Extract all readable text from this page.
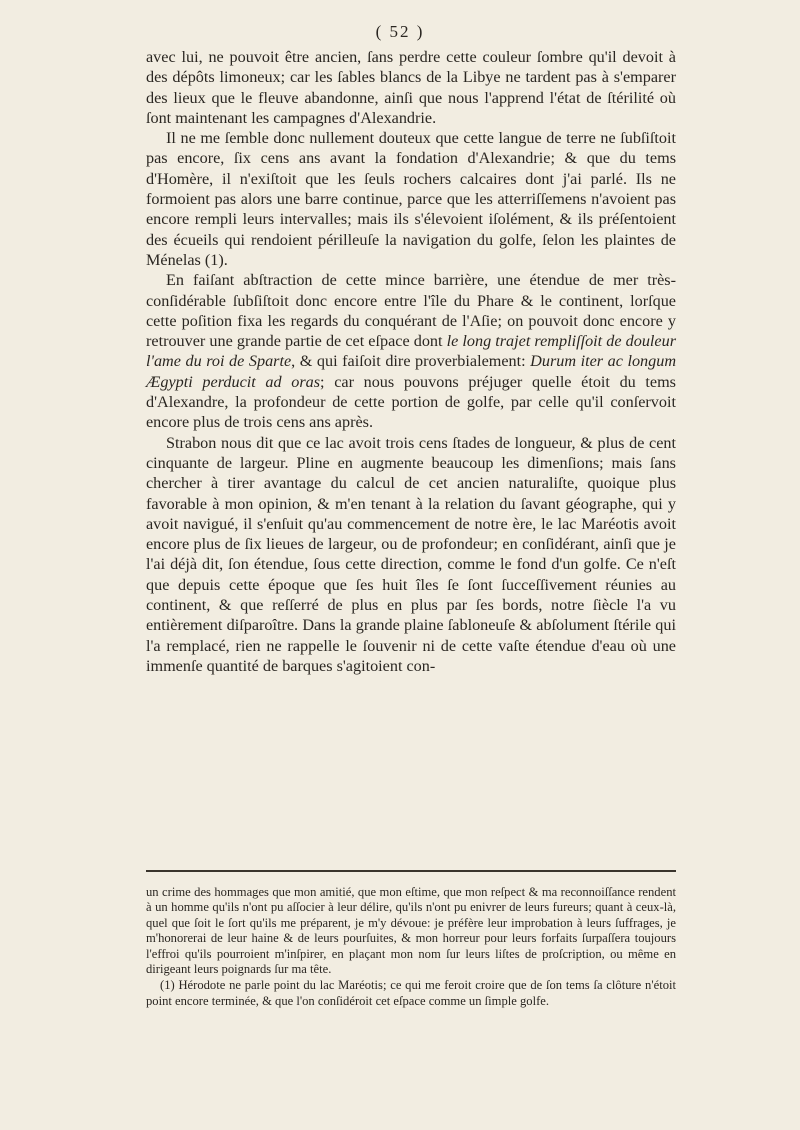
( 52 )

avec lui, ne pouvoit être ancien, ſans perdre cette couleur ſombre qu'il devoit à des dépôts limoneux; car les ſables blancs de la Libye ne tardent pas à s'emparer des lieux que le fleuve abandonne, ainſi que nous l'apprend l'état de ſtérilité où ſont maintenant les campagnes d'Alexandrie.

Il ne me ſemble donc nullement douteux que cette langue de terre ne ſubſiſtoit pas encore, ſix cens ans avant la fondation d'Alexandrie; & que du tems d'Homère, il n'exiſtoit que les ſeuls rochers calcaires dont j'ai parlé. Ils ne formoient pas alors une barre continue, parce que les atterriſſemens n'avoient pas encore rempli leurs intervalles; mais ils s'élevoient iſolément, & ils préſentoient des écueils qui rendoient périlleuſe la navigation du golfe, ſelon les plaintes de Ménelas (1).

En faiſant abſtraction de cette mince barrière, une étendue de mer très-conſidérable ſubſiſtoit donc encore entre l'île du Phare & le continent, lorſque cette poſition fixa les regards du conquérant de l'Aſie; on pouvoit donc encore y retrouver une grande partie de cet eſpace dont le long trajet rempliſſoit de douleur l'ame du roi de Sparte, & qui faiſoit dire proverbialement: Durum iter ac longum Ægypti perducit ad oras; car nous pouvons préjuger quelle étoit du tems d'Alexandre, la profondeur de cette portion de golfe, par celle qu'il conſervoit encore plus de trois cens ans après.

Strabon nous dit que ce lac avoit trois cens ſtades de longueur, & plus de cent cinquante de largeur. Pline en augmente beaucoup les dimenſions; mais ſans chercher à tirer avantage du calcul de cet ancien naturaliſte, quoique plus favorable à mon opinion, & m'en tenant à la relation du ſavant géographe, qui y avoit navigué, il s'enſuit qu'au commencement de notre ère, le lac Maréotis avoit encore plus de ſix lieues de largeur, ou de profondeur; en conſidérant, ainſi que je l'ai déjà dit, ſon étendue, ſous cette direction, comme le fond d'un golfe. Ce n'eſt que depuis cette époque que ſes huit îles ſe ſont ſucceſſivement réunies au continent, & que reſſerré de plus en plus par ſes bords, notre ſiècle l'a vu entièrement diſparoître. Dans la grande plaine ſabloneuſe & abſolument ſtérile qui l'a remplacé, rien ne rappelle le ſouvenir ni de cette vaſte étendue d'eau où une immenſe quantité de barques s'agitoient con-

un crime des hommages que mon amitié, que mon eſtime, que mon reſpect & ma reconnoiſſance rendent à un homme qu'ils n'ont pu aſſocier à leur délire, qu'ils n'ont pu enivrer de leurs fureurs; quant à ceux-là, quel que ſoit le ſort qu'ils me préparent, je m'y dévoue: je préfère leur improbation à leurs ſuffrages, je m'honorerai de leur haine & de leurs pourſuites, & mon horreur pour leurs forfaits ſurpaſſera toujours l'effroi qu'ils pourroient m'inſpirer, en plaçant mon nom ſur leurs liſtes de proſcription, ou même en dirigeant leurs poignards ſur ma tête.

(1) Hérodote ne parle point du lac Maréotis; ce qui me feroit croire que de ſon tems ſa clôture n'étoit point encore terminée, & que l'on conſidéroit cet eſpace comme un ſimple golfe.
